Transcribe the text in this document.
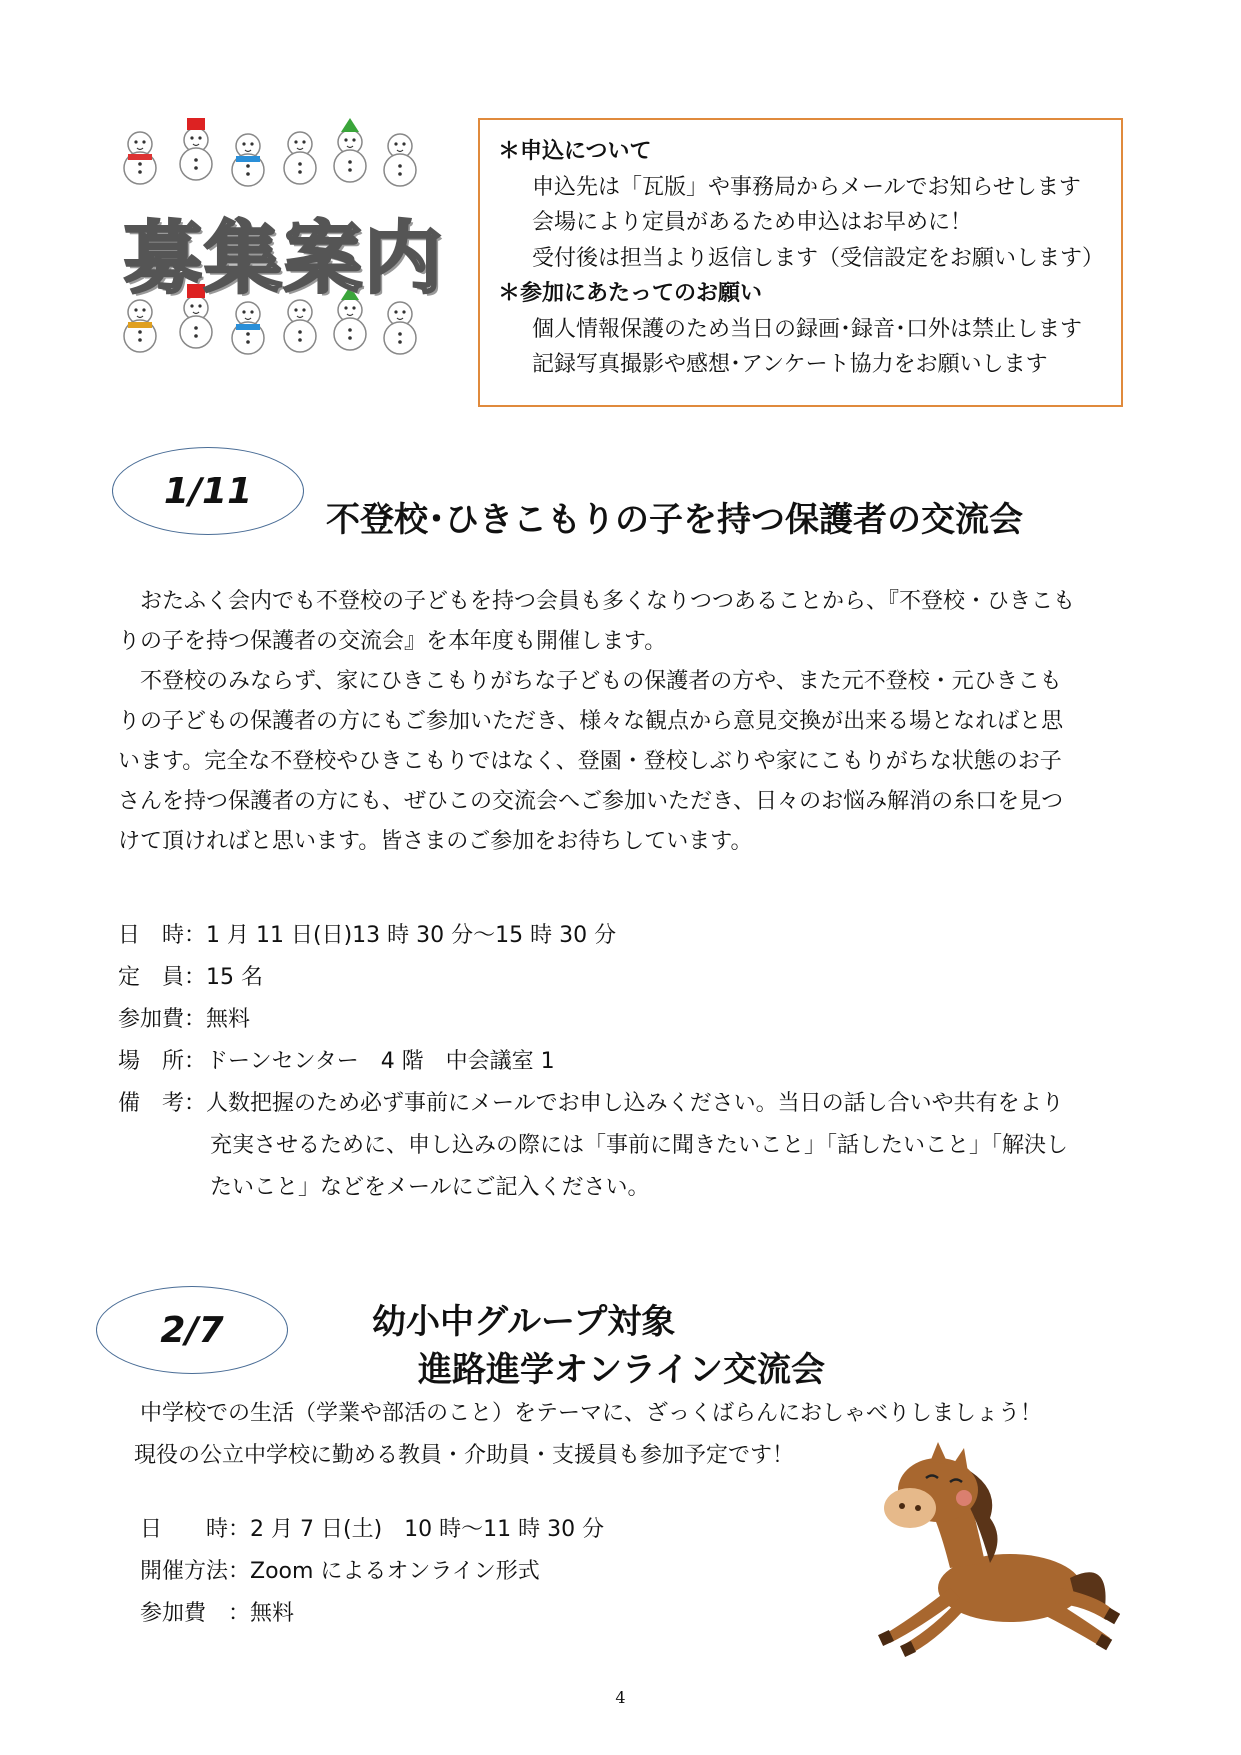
募集案内
＊申込について
申込先は「瓦版」や事務局からメールでお知らせします
会場により定員があるため申込はお早めに！
受付後は担当より返信します（受信設定をお願いします）
＊参加にあたってのお願い
個人情報保護のため当日の録画･録音･口外は禁止します
記録写真撮影や感想･アンケート協力をお願いします
1/11
不登校･ひきこもりの子を持つ保護者の交流会
おたふく会内でも不登校の子どもを持つ会員も多くなりつつあることから、『不登校・ひきこも
りの子を持つ保護者の交流会』を本年度も開催します。
不登校のみならず、家にひきこもりがちな子どもの保護者の方や、また元不登校・元ひきこも
りの子どもの保護者の方にもご参加いただき、様々な観点から意見交換が出来る場となればと思
います。完全な不登校やひきこもりではなく、登園・登校しぶりや家にこもりがちな状態のお子
さんを持つ保護者の方にも、ぜひこの交流会へご参加いただき、日々のお悩み解消の糸口を見つ
けて頂ければと思います。皆さまのご参加をお待ちしています。
日　時：1 月 11 日(日)13 時 30 分～15 時 30 分
定　員：15 名
参加費：無料
場　所：ドーンセンター　4 階　中会議室 1
備　考：人数把握のため必ず事前にメールでお申し込みください。当日の話し合いや共有をより
充実させるために、申し込みの際には「事前に聞きたいこと」「話したいこと」「解決し
たいこと」などをメールにご記入ください。
2/7	幼小中グループ対象
進路進学オンライン交流会
中学校での生活（学業や部活のこと）をテーマに、ざっくばらんにおしゃべりしましょう！
現役の公立中学校に勤める教員・介助員・支援員も参加予定です！
日　　時：2 月 7 日(土)　10 時～11 時 30 分
開催方法：Zoom によるオンライン形式
参加費　：無料
4
